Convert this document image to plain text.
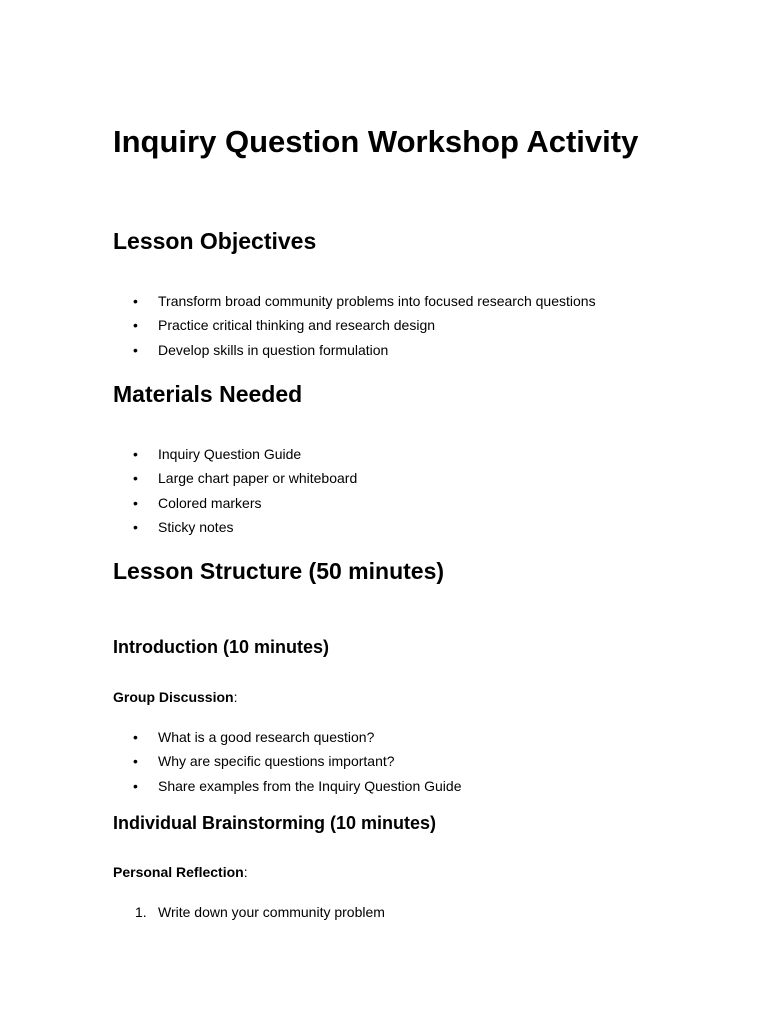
Inquiry Question Workshop Activity
Lesson Objectives
• Transform broad community problems into focused research questions
• Practice critical thinking and research design
• Develop skills in question formulation
Materials Needed
• Inquiry Question Guide
• Large chart paper or whiteboard
• Colored markers
• Sticky notes
Lesson Structure (50 minutes)
Introduction (10 minutes)

Group Discussion:

• What is a good research question?
• Why are specific questions important?
• Share examples from the Inquiry Question Guide
Individual Brainstorming (10 minutes)

Personal Reflection:

1. Write down your community problem
